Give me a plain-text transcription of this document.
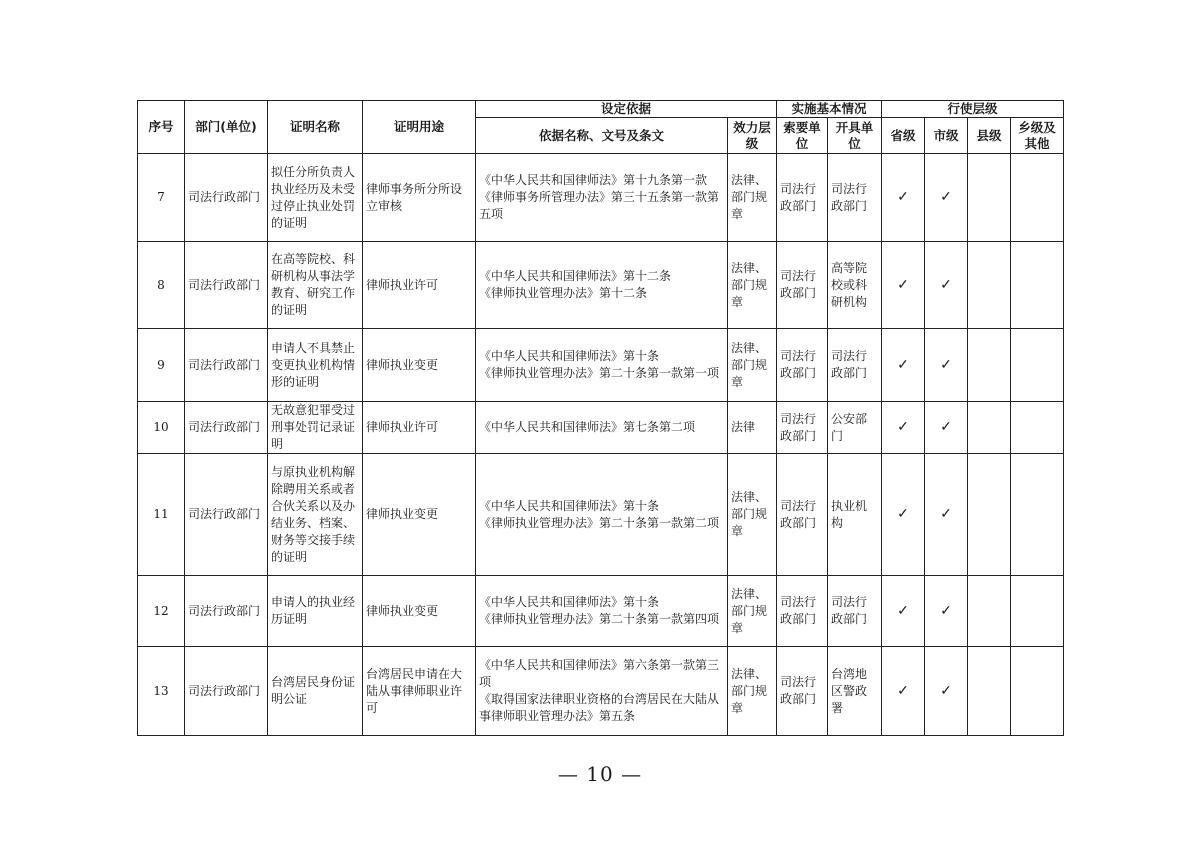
序号	部门(单位)	证明名称	证明用途	设定依据		实施基本情况		行使层级			
				依据名称、文号及条文	效力层级	索要单位	开具单位	省级	市级	县级	乡级及其他
7	司法行政部门	拟任分所负责人执业经历及未受过停止执业处罚的证明	律师事务所分所设立审核	《中华人民共和国律师法》第十九条第一款
《律师事务所管理办法》第三十五条第一款第五项	法律、部门规章	司法行政部门	司法行政部门	✓	✓		
8	司法行政部门	在高等院校、科研机构从事法学教育、研究工作的证明	律师执业许可	《中华人民共和国律师法》第十二条
《律师执业管理办法》第十二条	法律、部门规章	司法行政部门	高等院校或科研机构	✓	✓		
9	司法行政部门	申请人不具禁止变更执业机构情形的证明	律师执业变更	《中华人民共和国律师法》第十条
《律师执业管理办法》第二十条第一款第一项	法律、部门规章	司法行政部门	司法行政部门	✓	✓		
10	司法行政部门	无故意犯罪受过刑事处罚记录证明	律师执业许可	《中华人民共和国律师法》第七条第二项	法律	司法行政部门	公安部门	✓	✓		
11	司法行政部门	与原执业机构解除聘用关系或者合伙关系以及办结业务、档案、财务等交接手续的证明	律师执业变更	《中华人民共和国律师法》第十条
《律师执业管理办法》第二十条第一款第二项	法律、部门规章	司法行政部门	执业机构	✓	✓		
12	司法行政部门	申请人的执业经历证明	律师执业变更	《中华人民共和国律师法》第十条
《律师执业管理办法》第二十条第一款第四项	法律、部门规章	司法行政部门	司法行政部门	✓	✓		
13	司法行政部门	台湾居民身份证明公证	台湾居民申请在大陆从事律师职业许可	《中华人民共和国律师法》第六条第一款第三项
《取得国家法律职业资格的台湾居民在大陆从事律师职业管理办法》第五条	法律、部门规章	司法行政部门	台湾地区警政署	✓	✓		
— 10 —
